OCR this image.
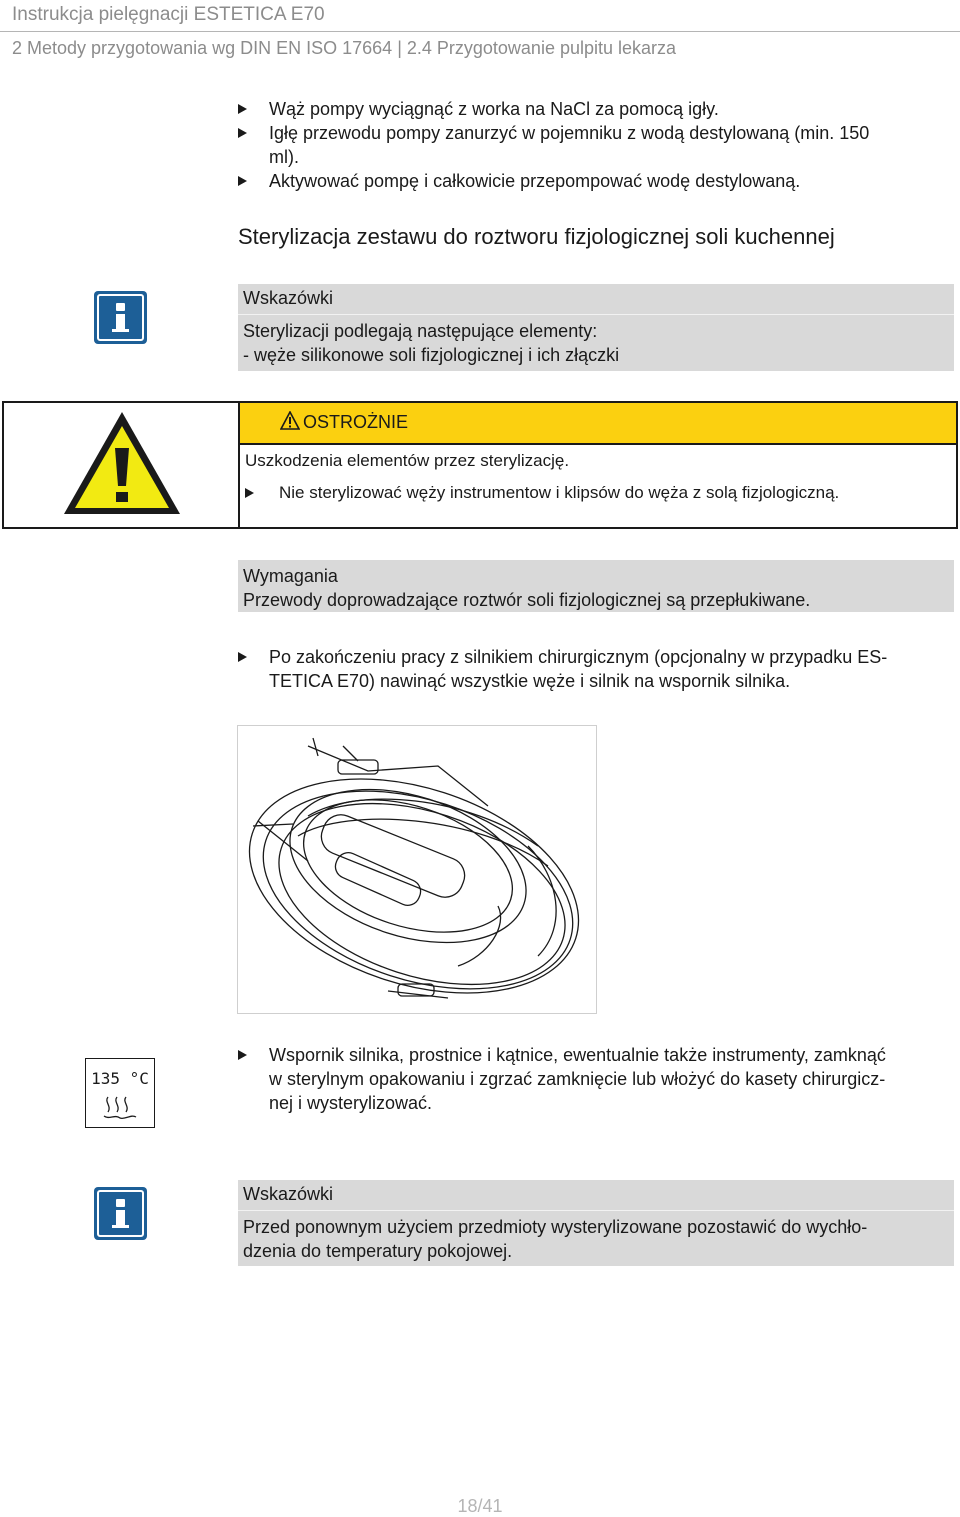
Instrukcja pielęgnacji ESTETICA E70
2 Metody przygotowania wg DIN EN ISO 17664 | 2.4 Przygotowanie pulpitu lekarza
Wąż pompy wyciągnąć z worka na NaCl za pomocą igły.
Igłę przewodu pompy zanurzyć w pojemniku z wodą destylowaną (min. 150
ml).
Aktywować pompę i całkowicie przepompować wodę destylowaną.
Sterylizacja zestawu do roztworu fizjologicznej soli kuchennej
Wskazówki
Sterylizacji podlegają następujące elementy:
- węże silikonowe soli fizjologicznej i ich złączki
OSTROŻNIE
Uszkodzenia elementów przez sterylizację.
Nie sterylizować węży instrumentow i klipsów do węża z solą fizjologiczną.
Wymagania
Przewody doprowadzające roztwór soli fizjologicznej są przepłukiwane.
Po zakończeniu pracy z silnikiem chirurgicznym (opcjonalny w przypadku ES-
TETICA E70) nawinąć wszystkie węże i silnik na wspornik silnika.
135 °C
Wspornik silnika, prostnice i kątnice, ewentualnie także instrumenty, zamknąć
w sterylnym opakowaniu i zgrzać zamknięcie lub włożyć do kasety chirurgicz-
nej i wysterylizować.
Wskazówki
Przed ponownym użyciem przedmioty wysterylizowane pozostawić do wychło-
dzenia do temperatury pokojowej.
18/41
